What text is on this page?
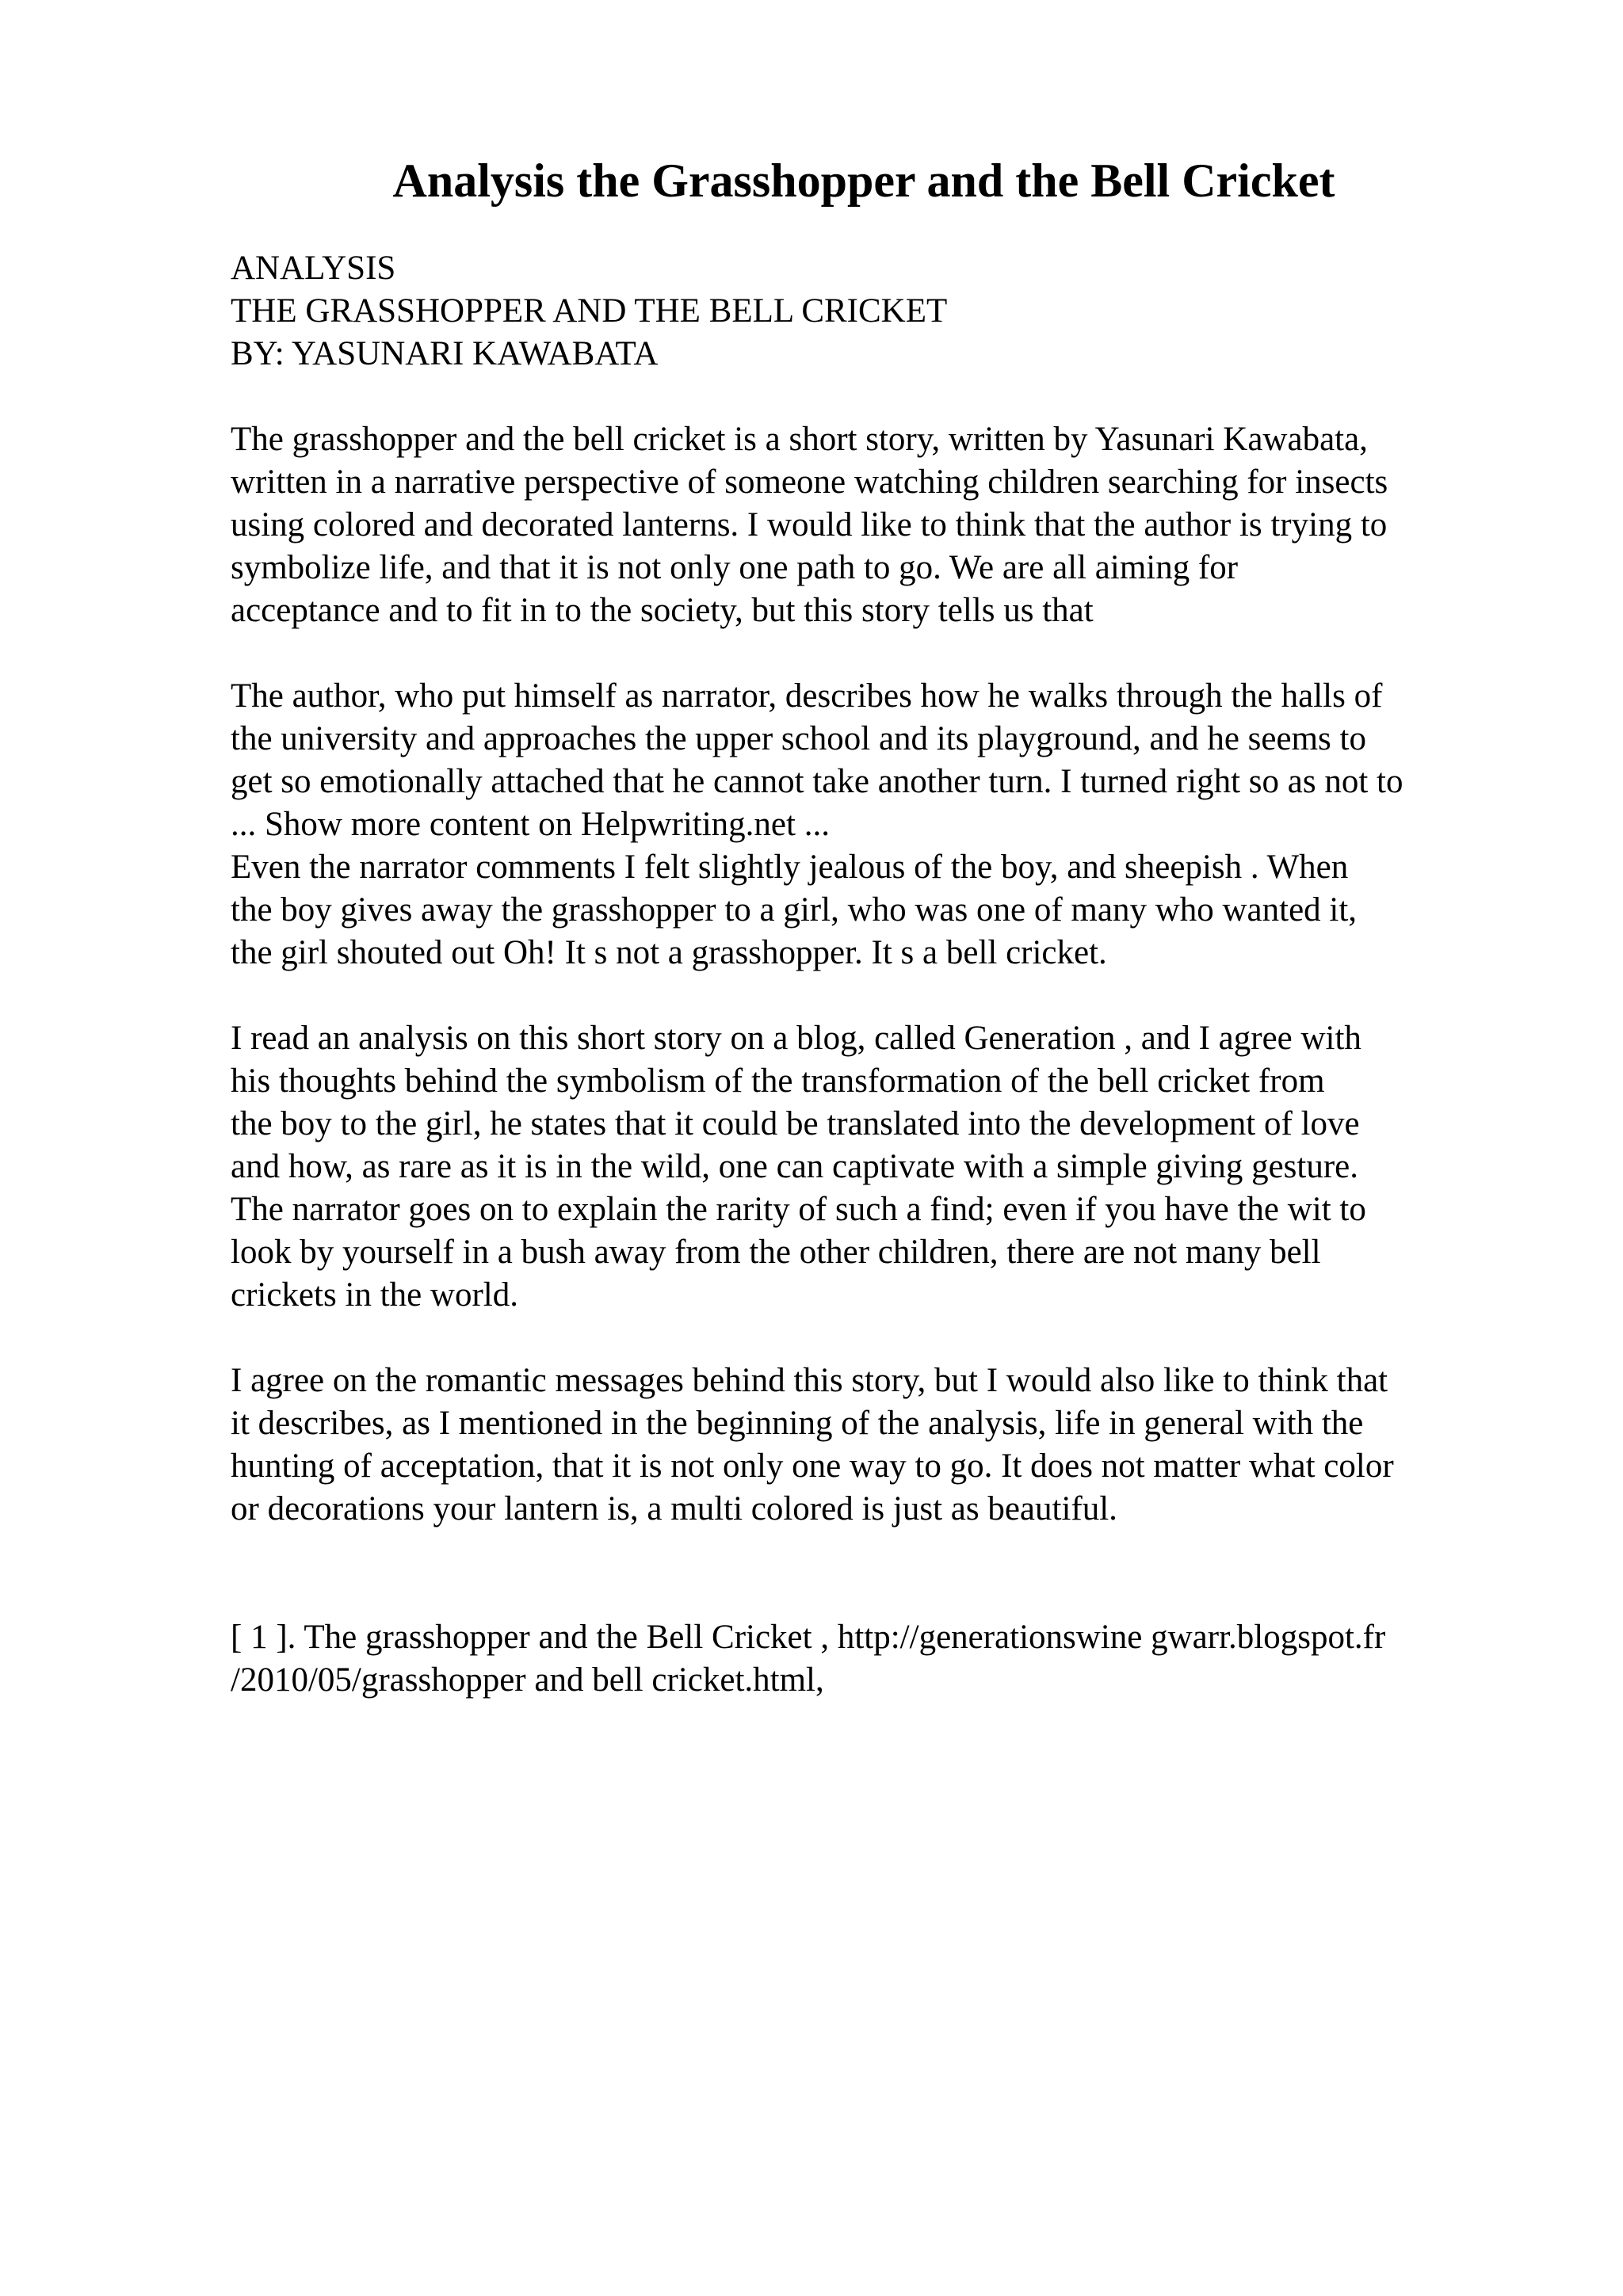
Analysis the Grasshopper and the Bell Cricket
ANALYSIS
THE GRASSHOPPER AND THE BELL CRICKET
BY: YASUNARI KAWABATA
The grasshopper and the bell cricket is a short story, written by Yasunari Kawabata,
written in a narrative perspective of someone watching children searching for insects
using colored and decorated lanterns. I would like to think that the author is trying to
symbolize life, and that it is not only one path to go. We are all aiming for
acceptance and to fit in to the society, but this story tells us that
The author, who put himself as narrator, describes how he walks through the halls of
the university and approaches the upper school and its playground, and he seems to
get so emotionally attached that he cannot take another turn. I turned right so as not to
... Show more content on Helpwriting.net ...
Even the narrator comments I felt slightly jealous of the boy, and sheepish . When
the boy gives away the grasshopper to a girl, who was one of many who wanted it,
the girl shouted out Oh! It s not a grasshopper. It s a bell cricket.
I read an analysis on this short story on a blog, called Generation , and I agree with
his thoughts behind the symbolism of the transformation of the bell cricket from
the boy to the girl, he states that it could be translated into the development of love
and how, as rare as it is in the wild, one can captivate with a simple giving gesture.
The narrator goes on to explain the rarity of such a find; even if you have the wit to
look by yourself in a bush away from the other children, there are not many bell
crickets in the world.
I agree on the romantic messages behind this story, but I would also like to think that
it describes, as I mentioned in the beginning of the analysis, life in general with the
hunting of acceptation, that it is not only one way to go. It does not matter what color
or decorations your lantern is, a multi colored is just as beautiful.
[ 1 ]. The grasshopper and the Bell Cricket , http://generationswine gwarr.blogspot.fr
/2010/05/grasshopper and bell cricket.html,
